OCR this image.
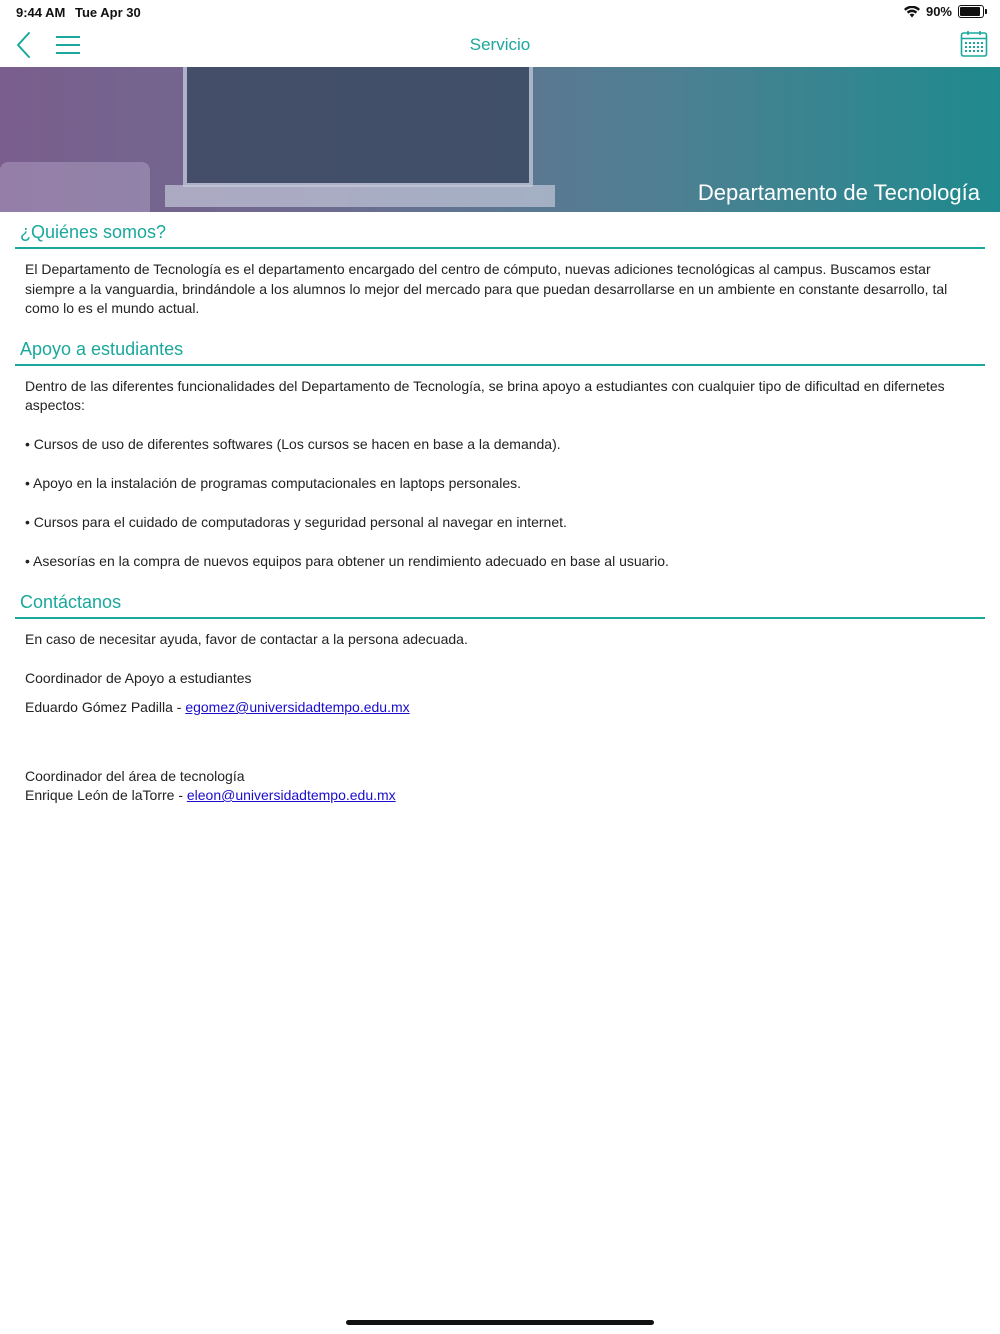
9:44 AM Tue Apr 30	90%
Servicio
Departamento de Tecnología
¿Quiénes somos?

El Departamento de Tecnología es el departamento encargado del centro de cómputo, nuevas adiciones tecnológicas al campus. Buscamos estar siempre a la vanguardia, brindándole a los alumnos lo mejor del mercado para que puedan desarrollarse en un ambiente en constante desarrollo, tal como lo es el mundo actual.

Apoyo a estudiantes

Dentro de las diferentes funcionalidades del Departamento de Tecnología, se brina apoyo a estudiantes con cualquier tipo de dificultad en difernetes aspectos:

• Cursos de uso de diferentes softwares (Los cursos se hacen en base a la demanda).

• Apoyo en la instalación de programas computacionales en laptops personales.

• Cursos para el cuidado de computadoras y seguridad personal al navegar en internet.

• Asesorías en la compra de nuevos equipos para obtener un rendimiento adecuado en base al usuario.

Contáctanos

En caso de necesitar ayuda, favor de contactar a la persona adecuada.

Coordinador de Apoyo a estudiantes

Eduardo Gómez Padilla - egomez@universidadtempo.edu.mx

Coordinador del área de tecnología

Enrique León de laTorre - eleon@universidadtempo.edu.mx
